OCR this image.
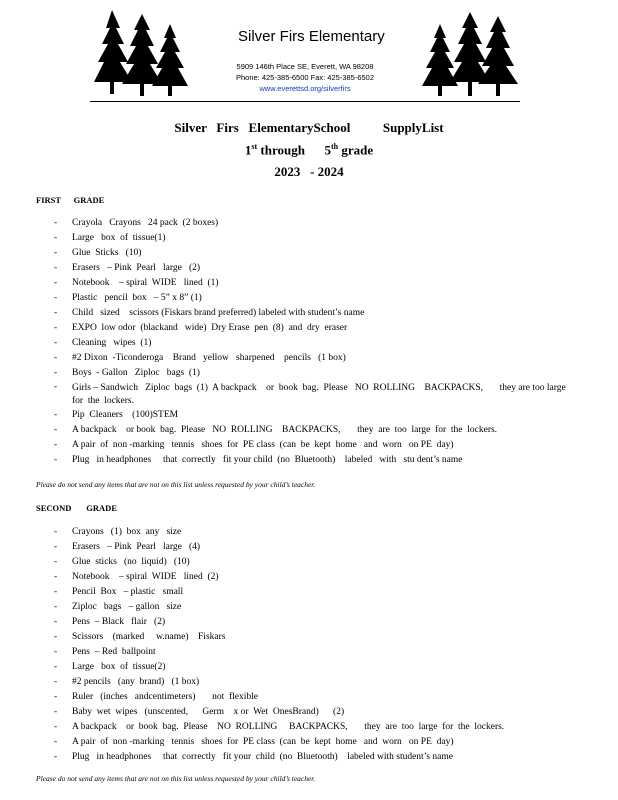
Silver Firs Elementary
5909 146th Place SE, Everett, WA 98208
Phone: 425-385-6500 Fax: 425-385-6502
www.everettsd.org/silverfirs
Silver   Firs   ElementarySchool          SupplyList
1st through      5th grade
2023   - 2024
FIRST      GRADE
- Crayola   Crayons   24 pack  (2 boxes)
- Large   box  of  tissue(1)
- Glue  Sticks   (10)
- Erasers   – Pink  Pearl   large   (2)
- Notebook    – spiral  WIDE   lined  (1)
- Plastic   pencil  box   – 5” x 8” (1)
- Child   sized    scissors (Fiskars brand preferred) labeled with student’s name
- EXPO  low odor  (blackand   wide)  Dry Erase  pen  (8)  and  dry  eraser
- Cleaning   wipes  (1)
- #2 Dixon  -Ticonderoga    Brand   yellow   sharpened    pencils   (1 box)
- Boys  - Gallon   Ziploc   bags  (1)
- Girls – Sandwich   Ziploc  bags  (1)  A backpack    or  book  bag.  Please   NO  ROLLING    BACKPACKS,       they are too large  for  the  lockers.
- Pip  Cleaners    (100)STEM
- A backpack    or book  bag.  Please   NO  ROLLING    BACKPACKS,       they  are  too  large  for  the  lockers.
- A pair  of  non -marking   tennis   shoes  for  PE class  (can  be  kept  home   and  worn   on PE  day)
- Plug   in headphones     that  correctly   fit your child  (no  Bluetooth)    labeled   with   stu dent’s name
Please do not send any items that are not on this list unless requested by your child’s teacher.
SECOND       GRADE
- Crayons   (1)  box  any   size
- Erasers   – Pink  Pearl   large   (4)
- Glue  sticks   (no  liquid)   (10)
- Notebook    – spiral  WIDE   lined  (2)
- Pencil  Box   – plastic   small
- Ziploc   bags   – gallon   size
- Pens  – Black   flair   (2)
- Scissors    (marked     w.name)    Fiskars
- Pens  – Red  ballpoint
- Large   box  of  tissue(2)
- #2 pencils   (any  brand)   (1 box)
- Ruler   (inches   andcentimeters)       not  flexible
- Baby  wet  wipes   (unscented,      Germ    x or  Wet  OnesBrand)      (2)
- A backpack    or  book  bag.  Please    NO  ROLLING     BACKPACKS,       they  are  too  large  for  the  lockers.
- A pair  of  non -marking   tennis   shoes  for  PE class  (can  be  kept  home   and  worn   on PE  day)
- Plug   in headphones     that  correctly   fit your  child  (no  Bluetooth)    labeled with student’s name
Please do not send any items that are not on this list unless requested by your child’s teacher.
